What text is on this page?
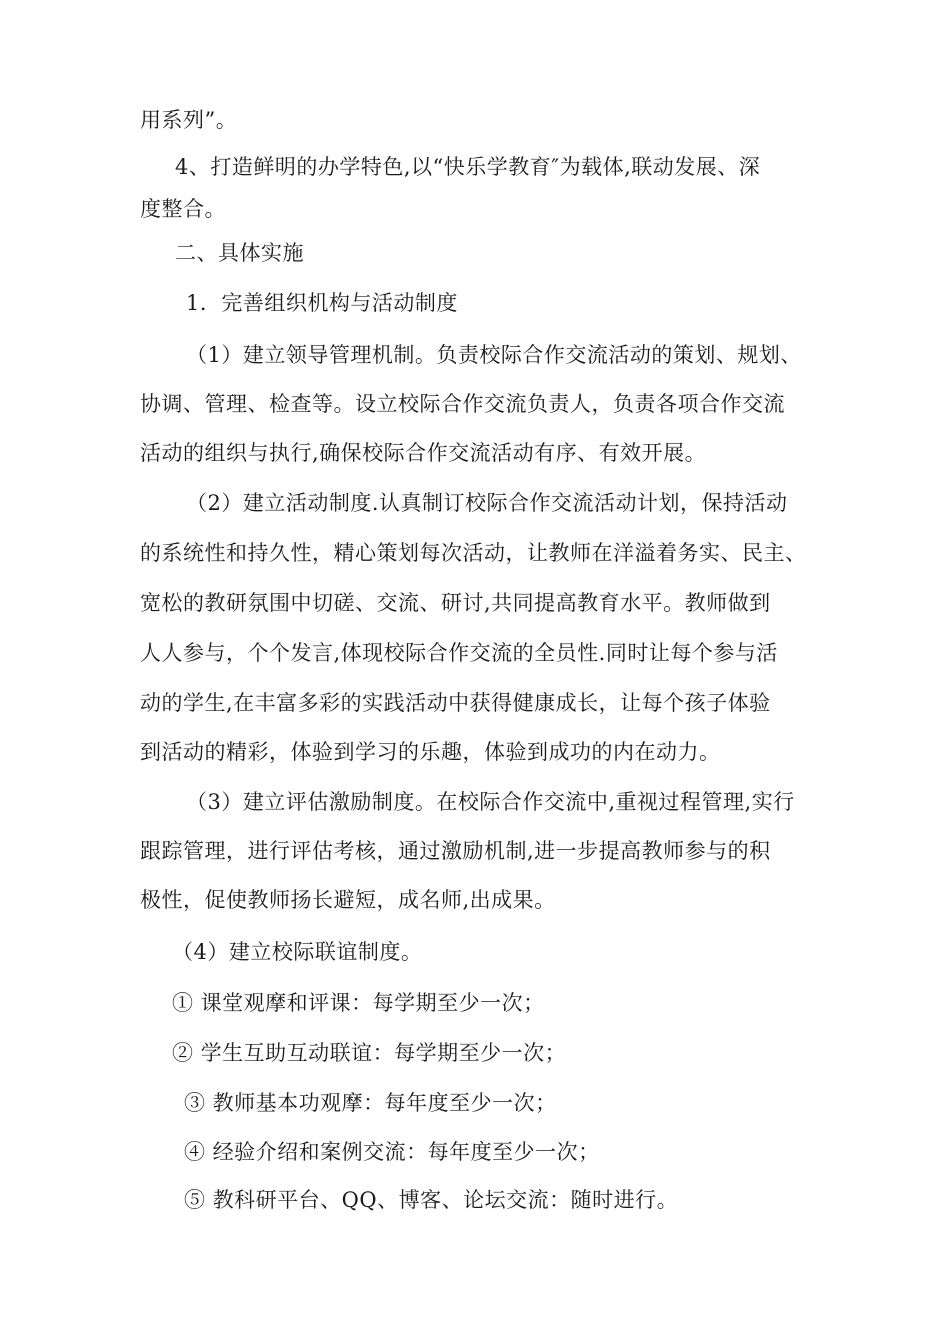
用系列”。
4、打造鲜明的办学特色,以“快乐学教育″为载体,联动发展、深
度整合。
二、具体实施
1．完善组织机构与活动制度
（1）建立领导管理机制。负责校际合作交流活动的策划、规划、
协调、管理、检查等。设立校际合作交流负责人，负责各项合作交流
活动的组织与执行,确保校际合作交流活动有序、有效开展。
（2）建立活动制度.认真制订校际合作交流活动计划，保持活动
的系统性和持久性，精心策划每次活动，让教师在洋溢着务实、民主、
宽松的教研氛围中切磋、交流、研讨,共同提高教育水平。教师做到
人人参与，个个发言,体现校际合作交流的全员性.同时让每个参与活
动的学生,在丰富多彩的实践活动中获得健康成长，让每个孩子体验
到活动的精彩，体验到学习的乐趣，体验到成功的内在动力。
（3）建立评估激励制度。在校际合作交流中,重视过程管理,实行
跟踪管理，进行评估考核，通过激励机制,进一步提高教师参与的积
极性，促使教师扬长避短，成名师,出成果。
（4）建立校际联谊制度。
① 课堂观摩和评课：每学期至少一次；
② 学生互助互动联谊：每学期至少一次；
③ 教师基本功观摩：每年度至少一次；
④ 经验介绍和案例交流：每年度至少一次；
⑤ 教科研平台、QQ、博客、论坛交流：随时进行。
